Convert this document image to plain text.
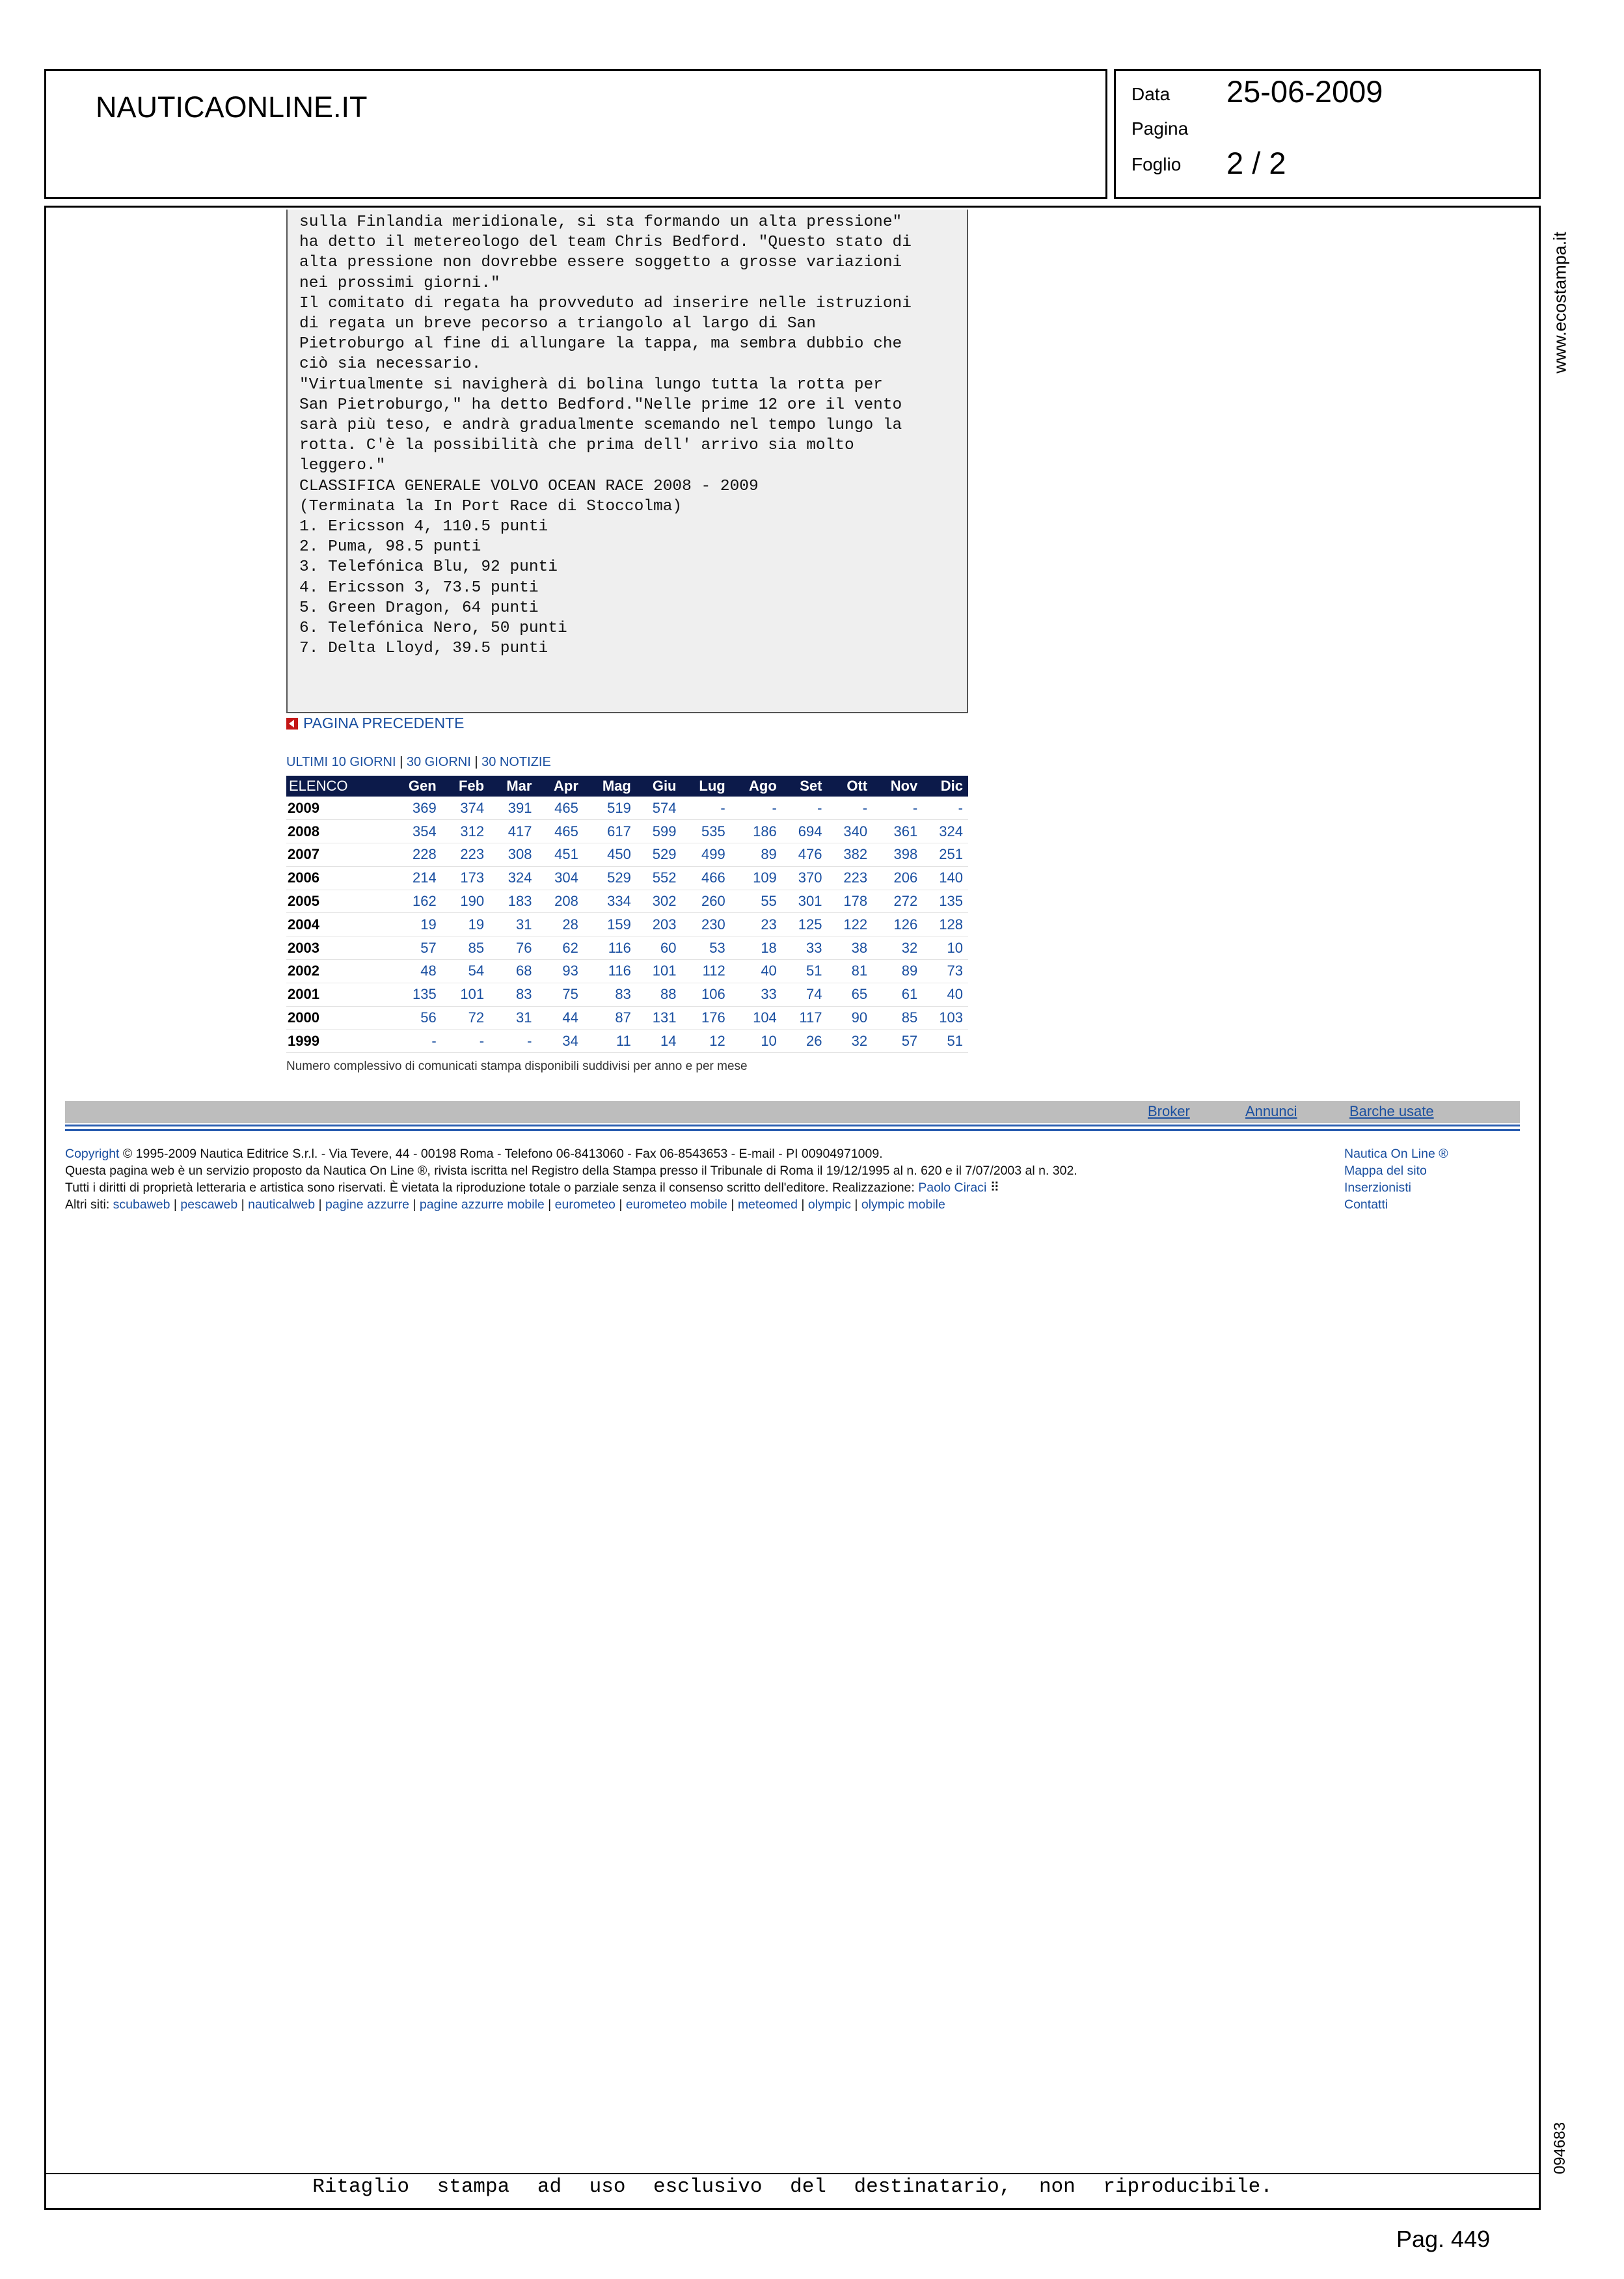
NAUTICAONLINE.IT	Data 25-06-2009
Pagina
Foglio 2 / 2
Ritaglio stampa ad uso esclusivo del destinatario, non riproducibile.
www.ecostampa.it
094683
sulla Finlandia meridionale, si sta formando un alta pressione"
ha detto il metereologo del team Chris Bedford. "Questo stato di
alta pressione non dovrebbe essere soggetto a grosse variazioni
nei prossimi giorni."
Il comitato di regata ha provveduto ad inserire nelle istruzioni
di regata un breve pecorso a triangolo al largo di San
Pietroburgo al fine di allungare la tappa, ma sembra dubbio che
ciò sia necessario.
"Virtualmente si navigherà di bolina lungo tutta la rotta per
San Pietroburgo," ha detto Bedford."Nelle prime 12 ore il vento
sarà più teso, e andrà gradualmente scemando nel tempo lungo la
rotta. C'è la possibilità che prima dell' arrivo sia molto
leggero."
CLASSIFICA GENERALE VOLVO OCEAN RACE 2008 - 2009
(Terminata la In Port Race di Stoccolma)
1. Ericsson 4, 110.5 punti
2. Puma, 98.5 punti
3. Telefónica Blu, 92 punti
4. Ericsson 3, 73.5 punti
5. Green Dragon, 64 punti
6. Telefónica Nero, 50 punti
7. Delta Lloyd, 39.5 punti
PAGINA PRECEDENTE
ULTIMI 10 GIORNI | 30 GIORNI | 30 NOTIZIE
ELENCO	Gen	Feb	Mar	Apr	Mag	Giu	Lug	Ago	Set	Ott	Nov	Dic
2009	369	374	391	465	519	574	-	-	-	-	-	-
2008	354	312	417	465	617	599	535	186	694	340	361	324
2007	228	223	308	451	450	529	499	89	476	382	398	251
2006	214	173	324	304	529	552	466	109	370	223	206	140
2005	162	190	183	208	334	302	260	55	301	178	272	135
2004	19	19	31	28	159	203	230	23	125	122	126	128
2003	57	85	76	62	116	60	53	18	33	38	32	10
2002	48	54	68	93	116	101	112	40	51	81	89	73
2001	135	101	83	75	83	88	106	33	74	65	61	40
2000	56	72	31	44	87	131	176	104	117	90	85	103
1999	-	-	-	34	11	14	12	10	26	32	57	51
Numero complessivo di comunicati stampa disponibili suddivisi per anno e per mese
Broker	Annunci	Barche usate
Copyright © 1995-2009 Nautica Editrice S.r.l. - Via Tevere, 44 - 00198 Roma - Telefono 06-8413060 - Fax 06-8543653 - E-mail - PI 00904971009.
Questa pagina web è un servizio proposto da Nautica On Line ®, rivista iscritta nel Registro della Stampa presso il Tribunale di Roma il 19/12/1995 al n. 620 e il 7/07/2003 al n. 302.
Tutti i diritti di proprietà letteraria e artistica sono riservati. È vietata la riproduzione totale o parziale senza il consenso scritto dell'editore. Realizzazione: Paolo Ciraci ⠿
Altri siti: scubaweb | pescaweb | nauticalweb | pagine azzurre | pagine azzurre mobile | eurometeo | eurometeo mobile | meteomed | olympic | olympic mobile
Nautica On Line ®
Mappa del sito
Inserzionisti
Contatti
Pag. 449
